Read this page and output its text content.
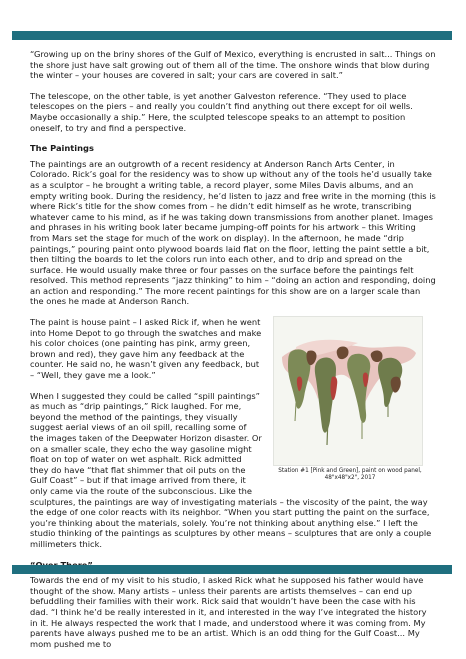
“Growing up on the briny shores of the Gulf of Mexico, everything is encrusted in salt... Things on the shore just have salt growing out of them all of the time. The onshore winds that blow during the winter – your houses are covered in salt; your cars are covered in salt.”

The telescope, on the other table, is yet another Galveston reference. “They used to place telescopes on the piers – and really you couldn’t find anything out there except for oil wells. Maybe occasionally a ship.” Here, the sculpted telescope speaks to an attempt to position oneself, to try and find a perspective.

The Paintings

The paintings are an outgrowth of a recent residency at Anderson Ranch Arts Center, in Colorado. Rick’s goal for the residency was to show up without any of the tools he’d usually take as a sculptor – he brought a writing table, a record player, some Miles Davis albums, and an empty writing book. During the residency, he’d listen to jazz and free write in the morning (this is where Rick’s title for the show comes from – he didn’t edit himself as he wrote, transcribing whatever came to his mind, as if he was taking down transmissions from another planet. Images and phrases in his writing book later became jumping-off points for his artwork – this Writing from Mars set the stage for much of the work on display). In the afternoon, he made “drip paintings,” pouring paint onto plywood boards laid flat on the floor, letting the paint settle a bit, then tilting the boards to let the colors run into each other, and to drip and spread on the surface. He would usually make three or four passes on the surface before the paintings felt resolved. This method represents “jazz thinking” to him – “doing an action and responding, doing an action and responding.” The more recent paintings for this show are on a larger scale than the ones he made at Anderson Ranch.

Station #1 [Pink and Green], paint on wood panel, 48"x48"x2", 2017

The paint is house paint – I asked Rick if, when he went into Home Depot to go through the swatches and make his color choices (one painting has pink, army green, brown and red), they gave him any feedback at the counter. He said no, he wasn’t given any feedback, but – “Well, they gave me a look.”

When I suggested they could be called “spill paintings” as much as “drip paintings,” Rick laughed. For me, beyond the method of the paintings, they visually suggest aerial views of an oil spill, recalling some of the images taken of the Deepwater Horizon disaster. Or on a smaller scale, they echo the way gasoline might float on top of water on wet asphalt. Rick admitted they do have “that flat shimmer that oil puts on the Gulf Coast” – but if that image arrived from there, it only came via the route of the subconscious. Like the sculptures, the paintings are way of investigating materials – the viscosity of the paint, the way the edge of one color reacts with its neighbor. “When you start putting the paint on the surface, you’re thinking about the materials, solely. You’re not thinking about anything else.” I left the studio thinking of the paintings as sculptures by other means – sculptures that are only a couple millimeters thick.

Towards the end of my visit to his studio, I asked Rick what he supposed his father would have thought of the show. Many artists – unless their parents are artists themselves – can end up befuddling their families with their work. Rick said that wouldn’t have been the case with his dad. “I think he’d be really interested in it, and interested in the way I’ve integrated the history in it. He always respected the work that I made, and understood where it was coming from. My parents have always pushed me to be an artist. Which is an odd thing for the Gulf Coast... My mom pushed me to
